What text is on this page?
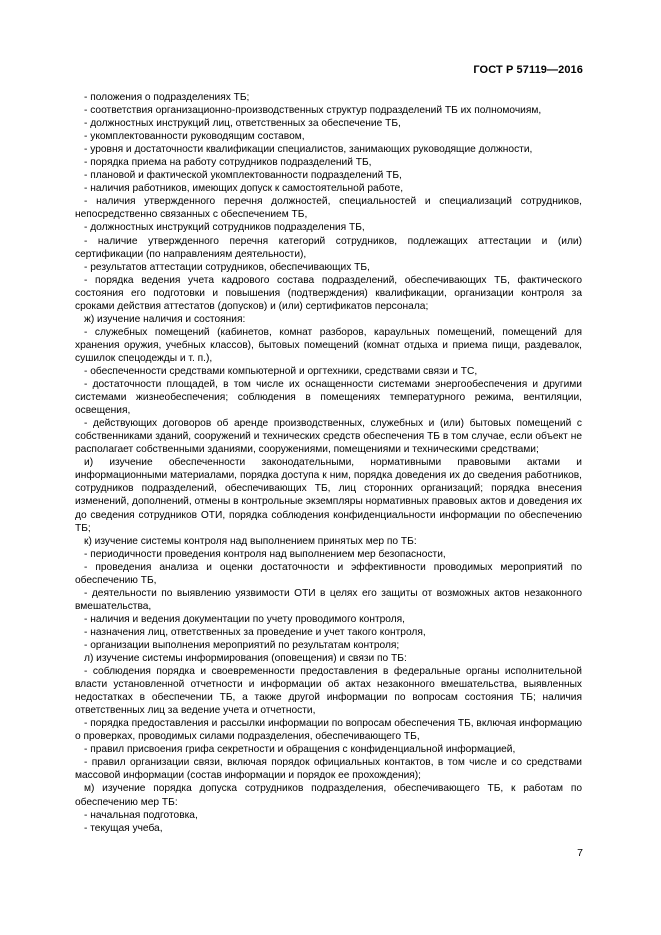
ГОСТ Р 57119—2016

- положения о подразделениях ТБ;

- соответствия организационно-производственных структур подразделений ТБ их полномочиям,

- должностных инструкций лиц, ответственных за обеспечение ТБ,

- укомплектованности руководящим составом,

- уровня и достаточности квалификации специалистов, занимающих руководящие должности,

- порядка приема на работу сотрудников подразделений ТБ,

- плановой и фактической укомплектованности подразделений ТБ,

- наличия работников, имеющих допуск к самостоятельной работе,

- наличия утвержденного перечня должностей, специальностей и специализаций сотрудников, непосредственно связанных с обеспечением ТБ,

- должностных инструкций сотрудников подразделения ТБ,

- наличие утвержденного перечня категорий сотрудников, подлежащих аттестации и (или) сертификации (по направлениям деятельности),

- результатов аттестации сотрудников, обеспечивающих ТБ,

- порядка ведения учета кадрового состава подразделений, обеспечивающих ТБ, фактического состояния его подготовки и повышения (подтверждения) квалификации, организации контроля за сроками действия аттестатов (допусков) и (или) сертификатов персонала;

ж) изучение наличия и состояния:

- служебных помещений (кабинетов, комнат разборов, караульных помещений, помещений для хранения оружия, учебных классов), бытовых помещений (комнат отдыха и приема пищи, раздевалок, сушилок спецодежды и т. п.),

- обеспеченности средствами компьютерной и оргтехники, средствами связи и ТС,

- достаточности площадей, в том числе их оснащенности системами энергообеспечения и другими системами жизнеобеспечения; соблюдения в помещениях температурного режима, вентиляции, освещения,

- действующих договоров об аренде производственных, служебных и (или) бытовых помещений с собственниками зданий, сооружений и технических средств обеспечения ТБ в том случае, если объект не располагает собственными зданиями, сооружениями, помещениями и техническими средствами;

и) изучение обеспеченности законодательными, нормативными правовыми актами и информационными материалами, порядка доступа к ним, порядка доведения их до сведения работников, сотрудников подразделений, обеспечивающих ТБ, лиц сторонних организаций; порядка внесения изменений, дополнений, отмены в контрольные экземпляры нормативных правовых актов и доведения их до сведения сотрудников ОТИ, порядка соблюдения конфиденциальности информации по обеспечению ТБ;

к) изучение системы контроля над выполнением принятых мер по ТБ:

- периодичности проведения контроля над выполнением мер безопасности,

- проведения анализа и оценки достаточности и эффективности проводимых мероприятий по обеспечению ТБ,

- деятельности по выявлению уязвимости ОТИ в целях его защиты от возможных актов незаконного вмешательства,

- наличия и ведения документации по учету проводимого контроля,

- назначения лиц, ответственных за проведение и учет такого контроля,

- организации выполнения мероприятий по результатам контроля;

л) изучение системы информирования (оповещения) и связи по ТБ:

- соблюдения порядка и своевременности предоставления в федеральные органы исполнительной власти установленной отчетности и информации об актах незаконного вмешательства, выявленных недостатках в обеспечении ТБ, а также другой информации по вопросам состояния ТБ; наличия ответственных лиц за ведение учета и отчетности,

- порядка предоставления и рассылки информации по вопросам обеспечения ТБ, включая информацию о проверках, проводимых силами подразделения, обеспечивающего ТБ,

- правил присвоения грифа секретности и обращения с конфиденциальной информацией,

- правил организации связи, включая порядок официальных контактов, в том числе и со средствами массовой информации (состав информации и порядок ее прохождения);

м) изучение порядка допуска сотрудников подразделения, обеспечивающего ТБ, к работам по обеспечению мер ТБ:

- начальная подготовка,

- текущая учеба,

7
